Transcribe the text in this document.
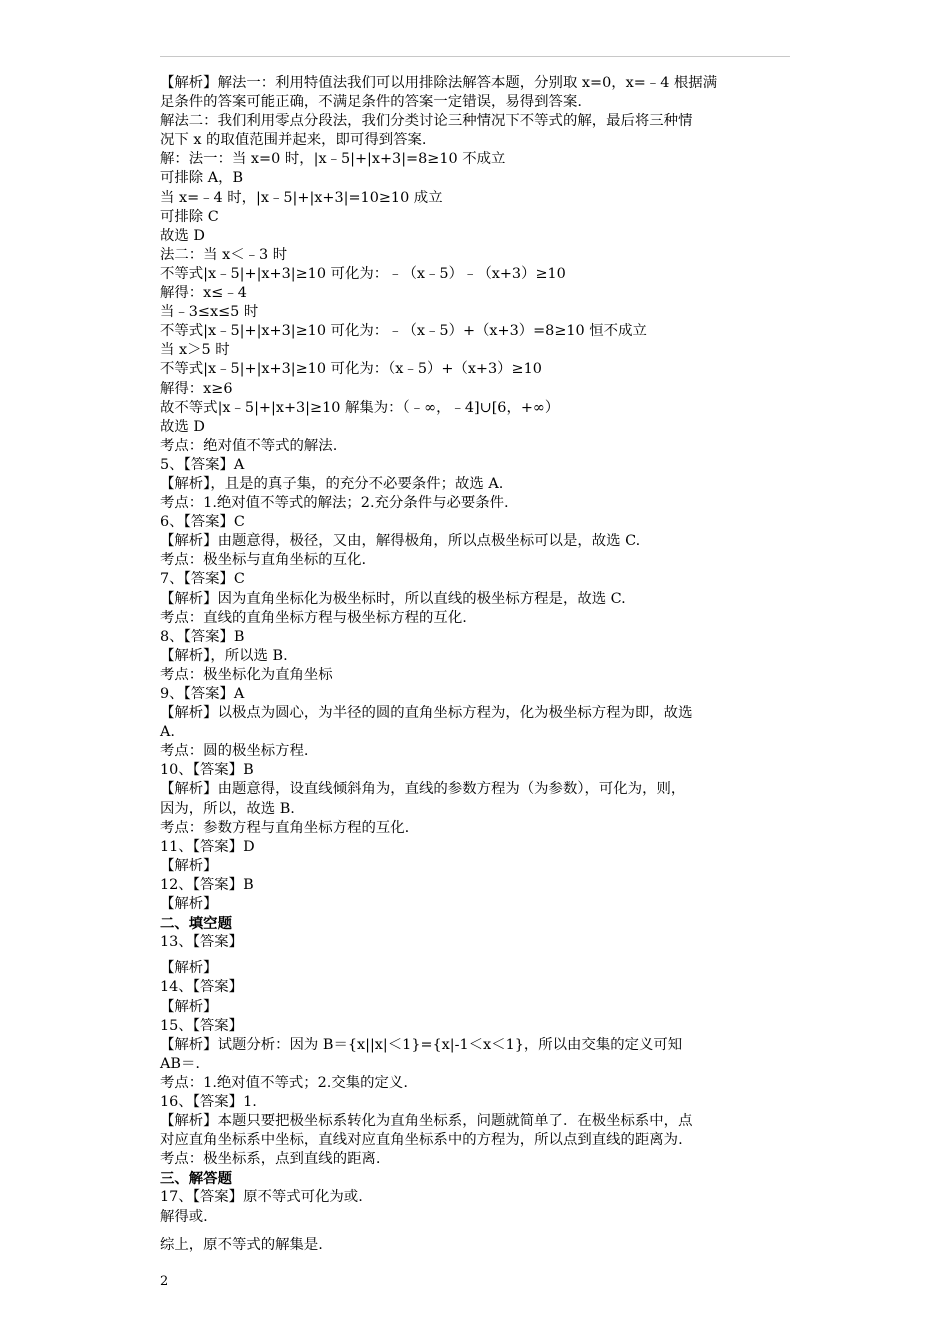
【解析】解法一：利用特值法我们可以用排除法解答本题，分别取 x=0，x=﹣4 根据满
足条件的答案可能正确，不满足条件的答案一定错误，易得到答案.
解法二：我们利用零点分段法，我们分类讨论三种情况下不等式的解，最后将三种情
况下 x 的取值范围并起来，即可得到答案.
解：法一：当 x=0 时，|x﹣5|+|x+3|=8≥10 不成立
可排除 A，B
当 x=﹣4 时，|x﹣5|+|x+3|=10≥10 成立
可排除 C
故选 D
法二：当 x＜﹣3 时
不等式|x﹣5|+|x+3|≥10 可化为：﹣（x﹣5）﹣（x+3）≥10
解得：x≤﹣4
当﹣3≤x≤5 时
不等式|x﹣5|+|x+3|≥10 可化为：﹣（x﹣5）+（x+3）=8≥10 恒不成立
当 x＞5 时
不等式|x﹣5|+|x+3|≥10 可化为：（x﹣5）+（x+3）≥10
解得：x≥6
故不等式|x﹣5|+|x+3|≥10 解集为：（﹣∞，﹣4]∪[6，+∞）
故选 D
考点：绝对值不等式的解法.
5、【答案】A
【解析】，且是的真子集，的充分不必要条件；故选 A.
考点：1.绝对值不等式的解法；2.充分条件与必要条件.
6、【答案】C
【解析】由题意得，极径，又由，解得极角，所以点极坐标可以是，故选 C.
考点：极坐标与直角坐标的互化.
7、【答案】C
【解析】因为直角坐标化为极坐标时，所以直线的极坐标方程是，故选 C.
考点：直线的直角坐标方程与极坐标方程的互化.
8、【答案】B
【解析】，所以选 B.
考点：极坐标化为直角坐标
9、【答案】A
【解析】以极点为圆心，为半径的圆的直角坐标方程为，化为极坐标方程为即，故选
A.
考点：圆的极坐标方程.
10、【答案】B
【解析】由题意得，设直线倾斜角为，直线的参数方程为（为参数），可化为，则，
因为，所以，故选 B.
考点：参数方程与直角坐标方程的互化.
11、【答案】D
【解析】
12、【答案】B
【解析】
二、填空题
13、【答案】
【解析】
14、【答案】
【解析】
15、【答案】
【解析】试题分析：因为 B＝{x||x|＜1}={x|-1＜x＜1}，所以由交集的定义可知
AB＝.
考点：1.绝对值不等式；2.交集的定义.
16、【答案】1.
【解析】本题只要把极坐标系转化为直角坐标系，问题就简单了．在极坐标系中，点
对应直角坐标系中坐标，直线对应直角坐标系中的方程为，所以点到直线的距离为.
考点：极坐标系，点到直线的距离.
三、解答题
17、【答案】原不等式可化为或.
解得或.
综上，原不等式的解集是.
2
